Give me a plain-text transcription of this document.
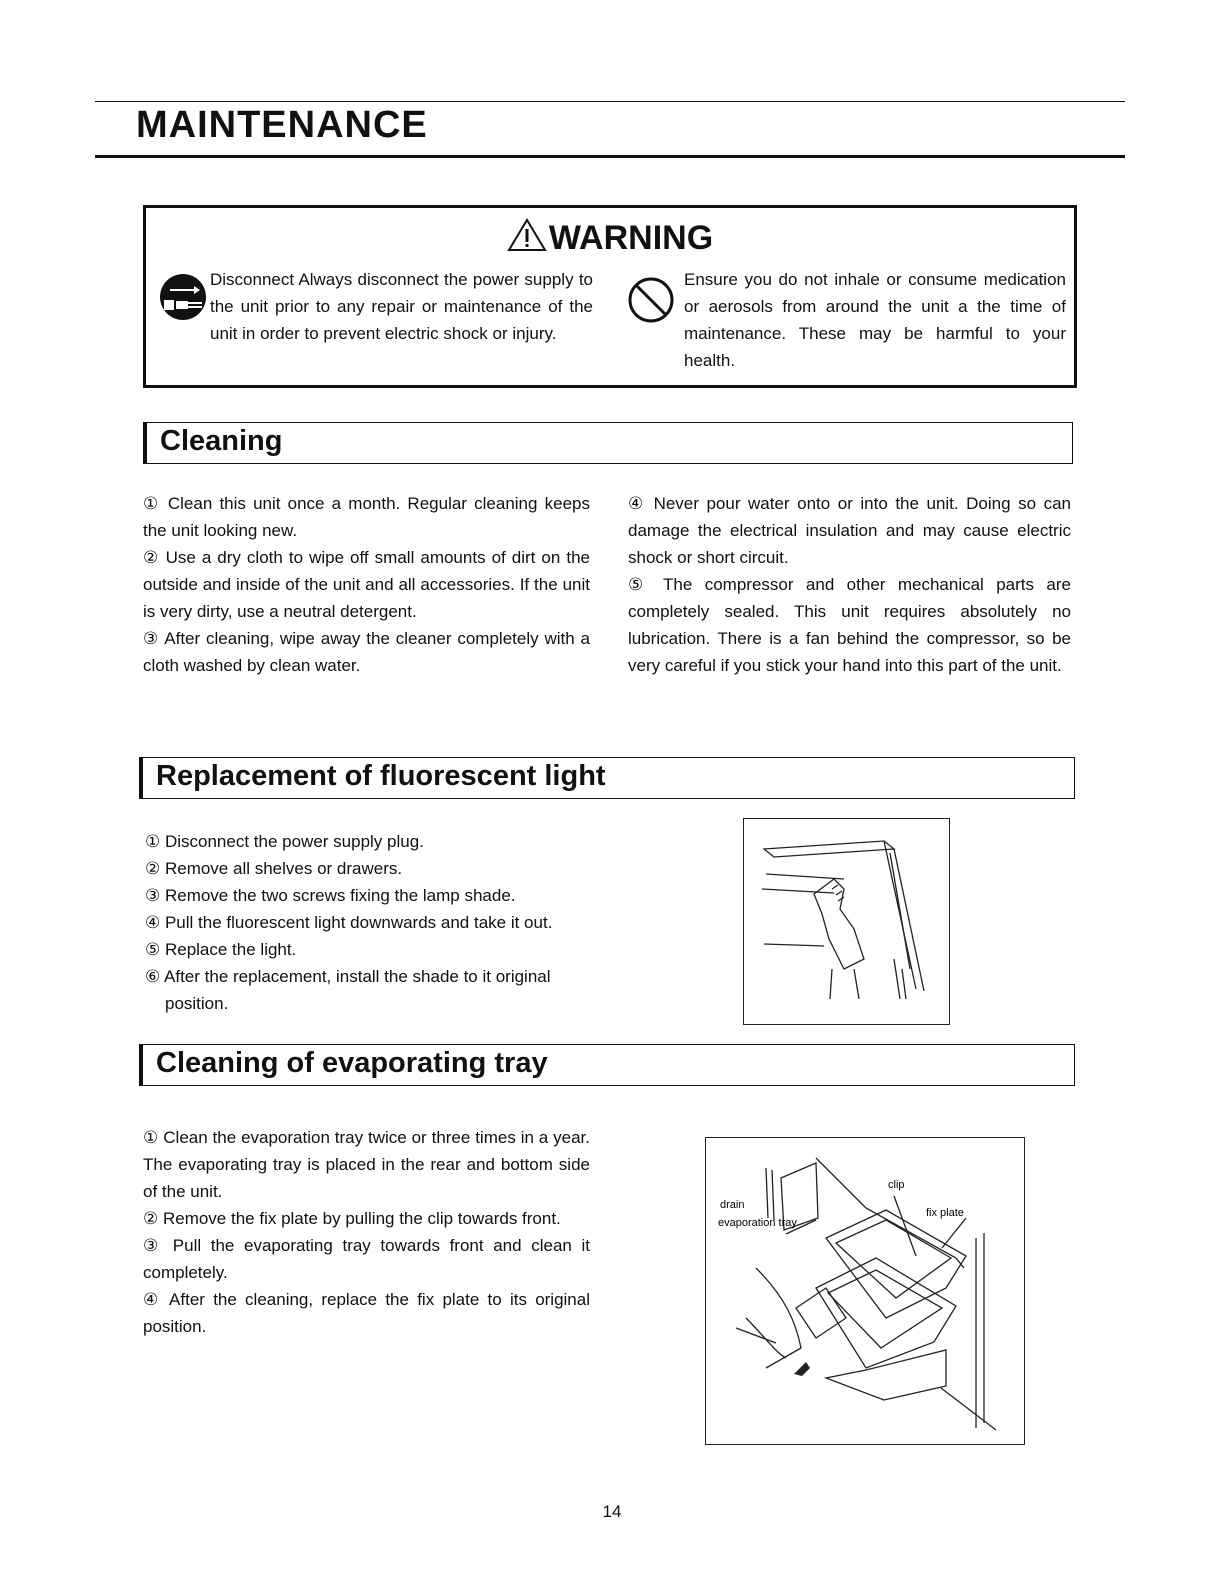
MAINTENANCE
WARNING

Disconnect Always disconnect the power supply to the unit prior to any repair or maintenance of the unit in order to prevent electric shock or injury.

Ensure you do not inhale or consume medication or aerosols from around the unit a the time of maintenance. These may be harmful to your health.

Cleaning

① Clean this unit once a month. Regular cleaning keeps the unit looking new.

② Use a dry cloth to wipe off small amounts of dirt on the outside and inside of the unit and all accessories. If the unit is very dirty, use a neutral detergent.

③ After cleaning, wipe away the cleaner completely with a cloth washed by clean water.

④ Never pour water onto or into the unit. Doing so can damage the electrical insulation and may cause electric shock or short circuit.

⑤ The compressor and other mechanical parts are completely sealed. This unit requires absolutely no lubrication. There is a fan behind the compressor, so be very careful if you stick your hand into this part of the unit.

Replacement of fluorescent light

① Disconnect the power supply plug.

② Remove all shelves or drawers.

③ Remove the two screws fixing the lamp shade.

④ Pull the fluorescent light downwards and take it out.

⑤ Replace the light.

⑥ After the replacement, install the shade to it original position.

Cleaning of evaporating tray

① Clean the evaporation tray twice or three times in a year. The evaporating tray is placed in the rear and bottom side of the unit.

② Remove the fix plate by pulling the clip towards front.

③ Pull the evaporating tray towards front and clean it completely.

④ After the cleaning, replace the fix plate to its original position.

clip
drain
fix plate
evaporation tray
14
